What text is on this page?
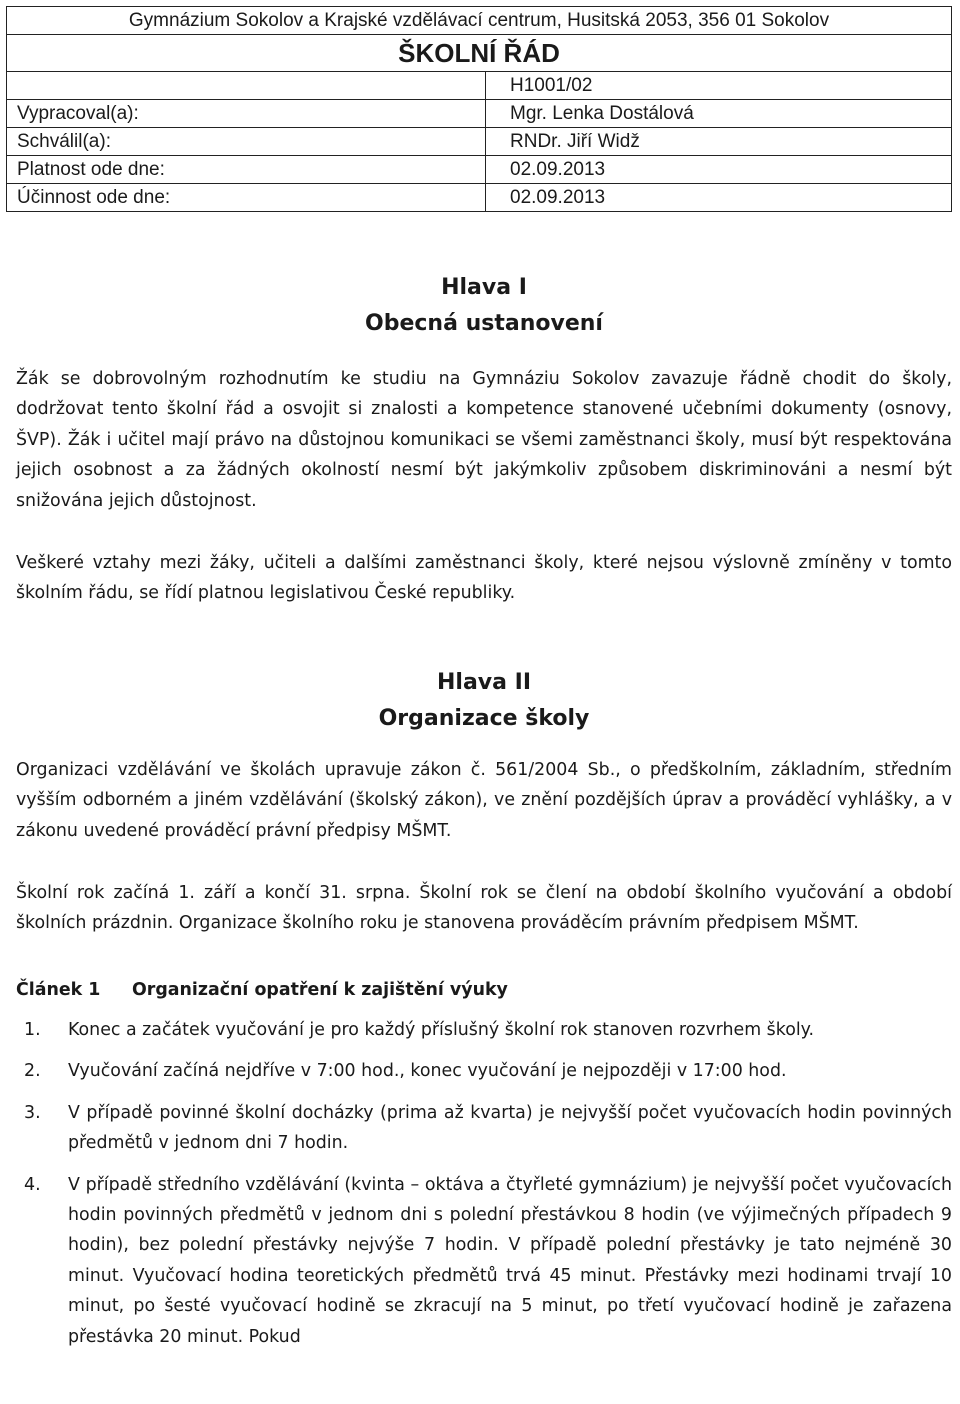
Gymnázium Sokolov a Krajské vzdělávací centrum, Husitská 2053, 356 01 Sokolov	
ŠKOLNÍ ŘÁD	
	H1001/02
Vypracoval(a):	Mgr. Lenka Dostálová
Schválil(a):	RNDr. Jiří Widž
Platnost ode dne:	02.09.2013
Účinnost ode dne:	02.09.2013
Hlava I
Obecná ustanovení

Žák se dobrovolným rozhodnutím ke studiu na Gymnáziu Sokolov zavazuje řádně chodit do školy, dodržovat tento školní řád a osvojit si znalosti a kompetence stanovené učebními dokumenty (osnovy, ŠVP). Žák i učitel mají právo na důstojnou komunikaci se všemi zaměstnanci školy, musí být respektována jejich osobnost a za žádných okolností nesmí být jakýmkoliv způsobem diskriminováni a nesmí být snižována jejich důstojnost.

Veškeré vztahy mezi žáky, učiteli a dalšími zaměstnanci školy, které nejsou výslovně zmíněny v tomto školním řádu, se řídí platnou legislativou České republiky.

Hlava II
Organizace školy

Organizaci vzdělávání ve školách upravuje zákon č. 561/2004 Sb., o předškolním, základním, středním vyšším odborném a jiném vzdělávání (školský zákon), ve znění pozdějších úprav a prováděcí vyhlášky, a v zákonu uvedené prováděcí právní předpisy MŠMT.

Školní rok začíná 1. září a končí 31. srpna. Školní rok se člení na období školního vyučování a období školních prázdnin. Organizace školního roku je stanovena prováděcím právním předpisem MŠMT.

Článek 1	Organizační opatření k zajištění výuky
1.	Konec a začátek vyučování je pro každý příslušný školní rok stanoven rozvrhem školy.
2.	Vyučování začíná nejdříve v 7:00 hod., konec vyučování je nejpozději v 17:00 hod.
3.	V případě povinné školní docházky (prima až kvarta) je nejvyšší počet vyučovacích hodin povinných předmětů v jednom dni 7 hodin.
4.	V případě středního vzdělávání (kvinta – oktáva a čtyřleté gymnázium) je nejvyšší počet vyučovacích hodin povinných předmětů v jednom dni s polední přestávkou 8 hodin (ve výjimečných případech 9 hodin), bez polední přestávky nejvýše 7 hodin. V případě polední přestávky je tato nejméně 30 minut. Vyučovací hodina teoretických předmětů trvá 45 minut. Přestávky mezi hodinami trvají 10 minut, po šesté vyučovací hodině se zkracují na 5 minut, po třetí vyučovací hodině je zařazena přestávka 20 minut. Pokud
